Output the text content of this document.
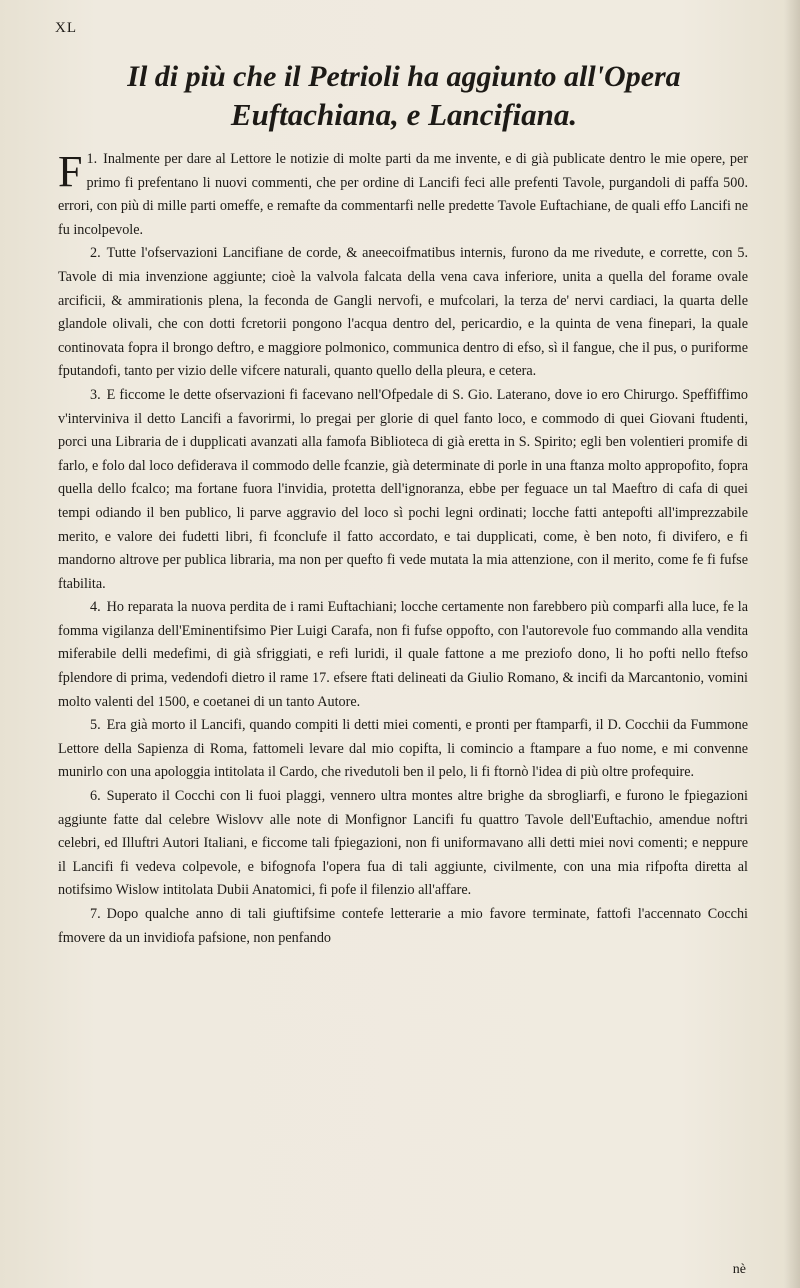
XL
Il di più che il Petrioli ha aggiunto all'Opera
Euftachiana, e Lancifiana.

1.
F Inalmente per dare al Lettore le notizie di molte parti da me invente, e di già publicate dentro le mie opere, per primo fi prefentano li nuovi commenti, che per ordine di Lancifi feci alle prefenti Tavole, purgandoli di paffa 500. errori, con più di mille parti omeffe, e remafte da commentarfi nelle predette Tavole Euftachiane, de quali effo Lancifi ne fu incolpevole.

2. Tutte l'ofservazioni Lancifiane de corde, & aneecoifmatibus internis, furono da me rivedute, e corrette, con 5. Tavole di mia invenzione aggiunte; cioè la valvola falcata della vena cava inferiore, unita a quella del forame ovale arcificii, & ammirationis plena, la feconda de Gangli nervofi, e mufcolari, la terza de' nervi cardiaci, la quarta delle glandole olivali, che con dotti fcretorii pongono l'acqua dentro del, pericardio, e la quinta de vena finepari, la quale continovata fopra il brongo deftro, e maggiore polmonico, communica dentro di efso, sì il fangue, che il pus, o puriforme fputandofi, tanto per vizio delle vifcere naturali, quanto quello della pleura, e cetera.

3. E ficcome le dette ofservazioni fi facevano nell'Ofpedale di S. Gio. Laterano, dove io ero Chirurgo. Speffiffimo v'interviniva il detto Lancifi a favorirmi, lo pregai per glorie di quel fanto loco, e commodo di quei Giovani ftudenti, porci una Libraria de i dupplicati avanzati alla famofa Biblioteca di già eretta in S. Spirito; egli ben volentieri promife di farlo, e folo dal loco defiderava il commodo delle fcanzie, già determinate di porle in una ftanza molto appropofito, fopra quella dello fcalco; ma fortane fuora l'invidia, protetta dell'ignoranza, ebbe per feguace un tal Maeftro di cafa di quei tempi odiando il ben publico, li parve aggravio del loco sì pochi legni ordinati; locche fatti antepofti all'imprezzabile merito, e valore dei fudetti libri, fi fconclufe il fatto accordato, e tai dupplicati, come, è ben noto, fi divifero, e fi mandorno altrove per publica libraria, ma non per quefto fi vede mutata la mia attenzione, con il merito, come fe fi fufse ftabilita.

4. Ho reparata la nuova perdita de i rami Euftachiani; locche certamente non farebbero più comparfi alla luce, fe la fomma vigilanza dell'Eminentifsimo Pier Luigi Carafa, non fi fufse oppofto, con l'autorevole fuo commando alla vendita miferabile delli medefimi, di già sfriggiati, e refi luridi, il quale fattone a me preziofo dono, li ho pofti nello ftefso fplendore di prima, vedendofi dietro il rame 17. efsere ftati delineati da Giulio Romano, & incifi da Marcantonio, vomini molto valenti del 1500, e coetanei di un tanto Autore.

5. Era già morto il Lancifi, quando compiti li detti miei comenti, e pronti per ftamparfi, il D. Cocchii da Fummone Lettore della Sapienza di Roma, fattomeli levare dal mio copifta, li comincio a ftampare a fuo nome, e mi convenne munirlo con una apologgia intitolata il Cardo, che rivedutoli ben il pelo, li fi ftornò l'idea di più oltre profequire.

6. Superato il Cocchi con li fuoi plaggi, vennero ultra montes altre brighe da sbrogliarfi, e furono le fpiegazioni aggiunte fatte dal celebre Wislovv alle note di Monfignor Lancifi fu quattro Tavole dell'Euftachio, amendue noftri celebri, ed Illuftri Autori Italiani, e ficcome tali fpiegazioni, non fi uniformavano alli detti miei novi comenti; e neppure il Lancifi fi vedeva colpevole, e bifognofa l'opera fua di tali aggiunte, civilmente, con una mia rifpofta diretta al notifsimo Wislow intitolata Dubii Anatomici, fi pofe il filenzio all'affare.

7. Dopo qualche anno di tali giuftifsime contefe letterarie a mio favore terminate, fattofi l'accennato Cocchi fmovere da un invidiofa pafsione, non penfando

nè
